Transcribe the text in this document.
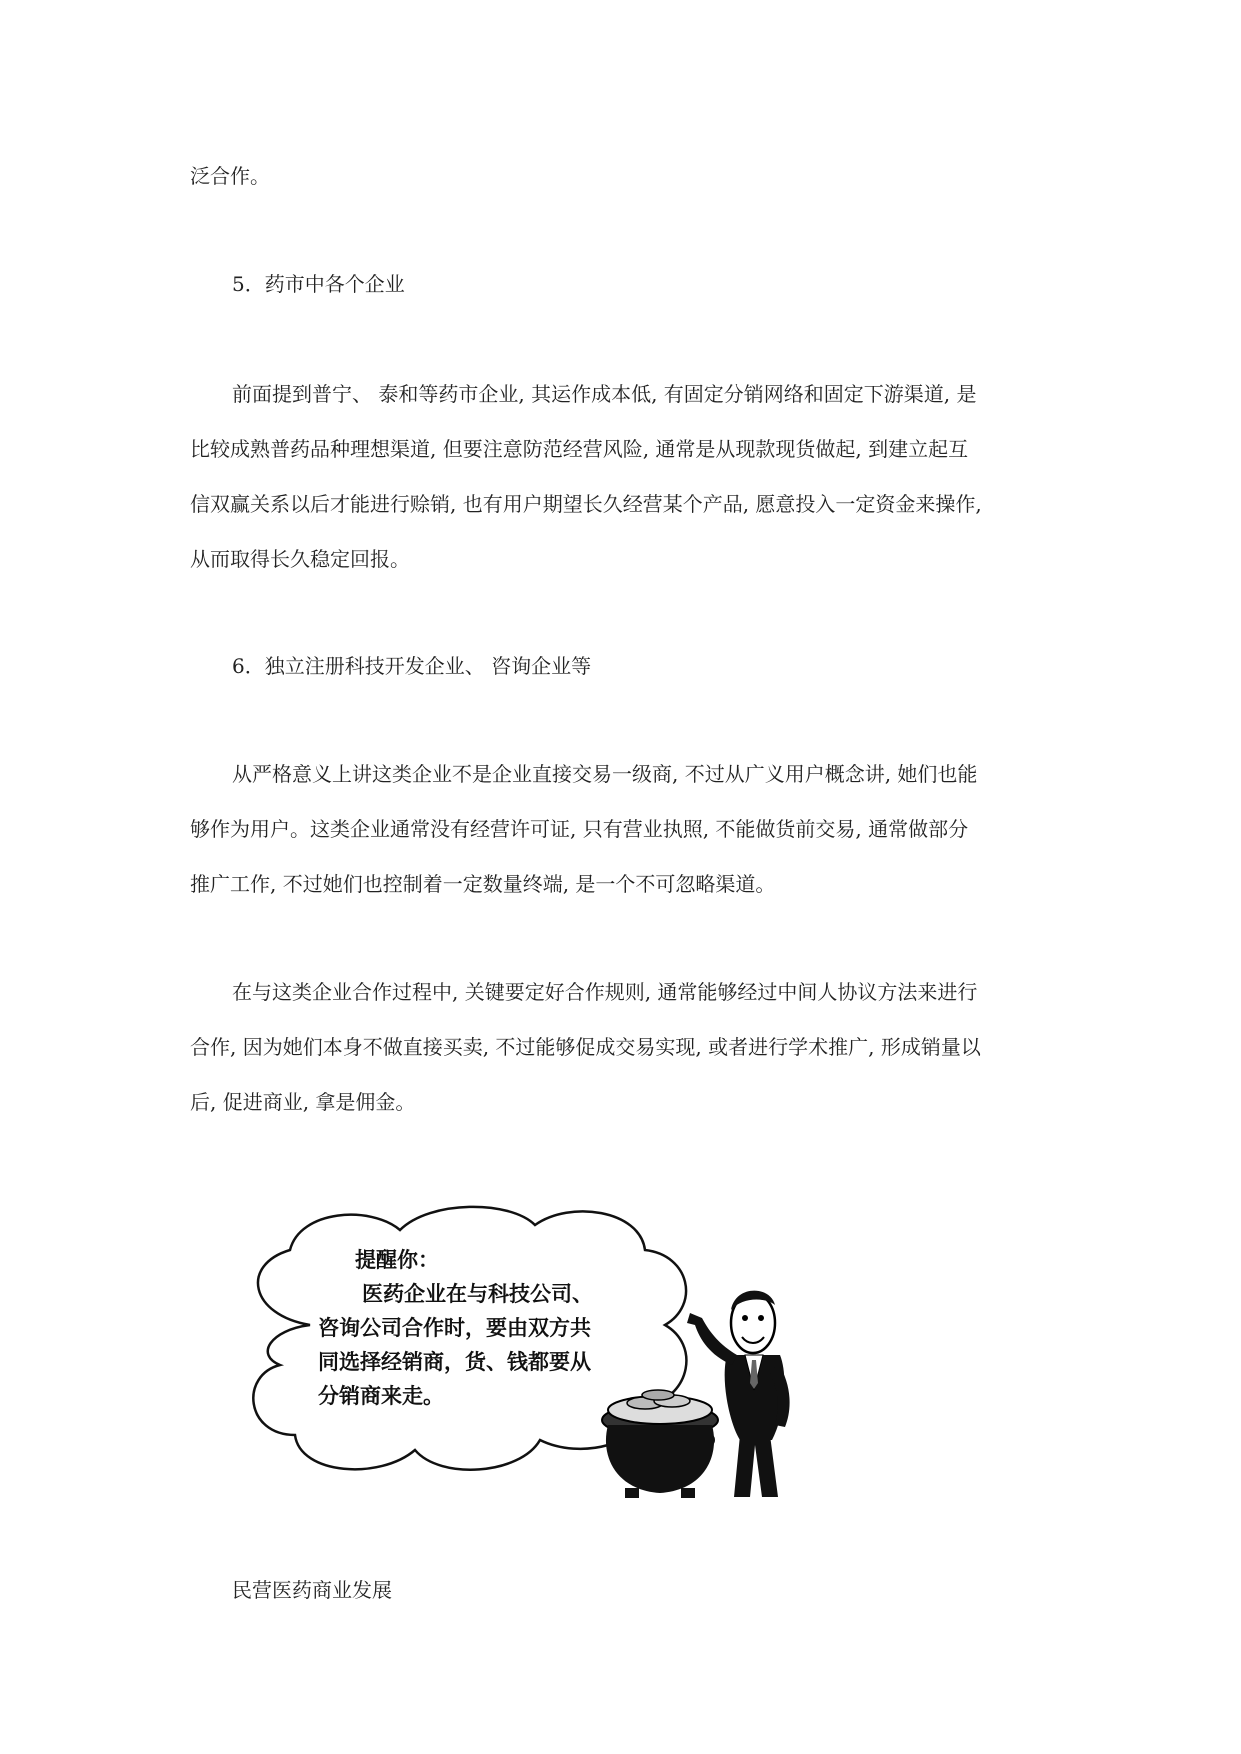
泛合作。
5．药市中各个企业
前面提到普宁、 泰和等药市企业, 其运作成本低, 有固定分销网络和固定下游渠道, 是
比较成熟普药品种理想渠道, 但要注意防范经营风险, 通常是从现款现货做起, 到建立起互
信双赢关系以后才能进行赊销, 也有用户期望长久经营某个产品, 愿意投入一定资金来操作,
从而取得长久稳定回报。
6．独立注册科技开发企业、 咨询企业等
从严格意义上讲这类企业不是企业直接交易一级商, 不过从广义用户概念讲, 她们也能
够作为用户。这类企业通常没有经营许可证, 只有营业执照, 不能做货前交易, 通常做部分
推广工作, 不过她们也控制着一定数量终端, 是一个不可忽略渠道。
在与这类企业合作过程中, 关键要定好合作规则, 通常能够经过中间人协议方法来进行
合作, 因为她们本身不做直接买卖, 不过能够促成交易实现, 或者进行学术推广, 形成销量以
后, 促进商业, 拿是佣金。
提醒你：
医药企业在与科技公司、
咨询公司合作时，要由双方共
同选择经销商，货、钱都要从
分销商来走。
民营医药商业发展
